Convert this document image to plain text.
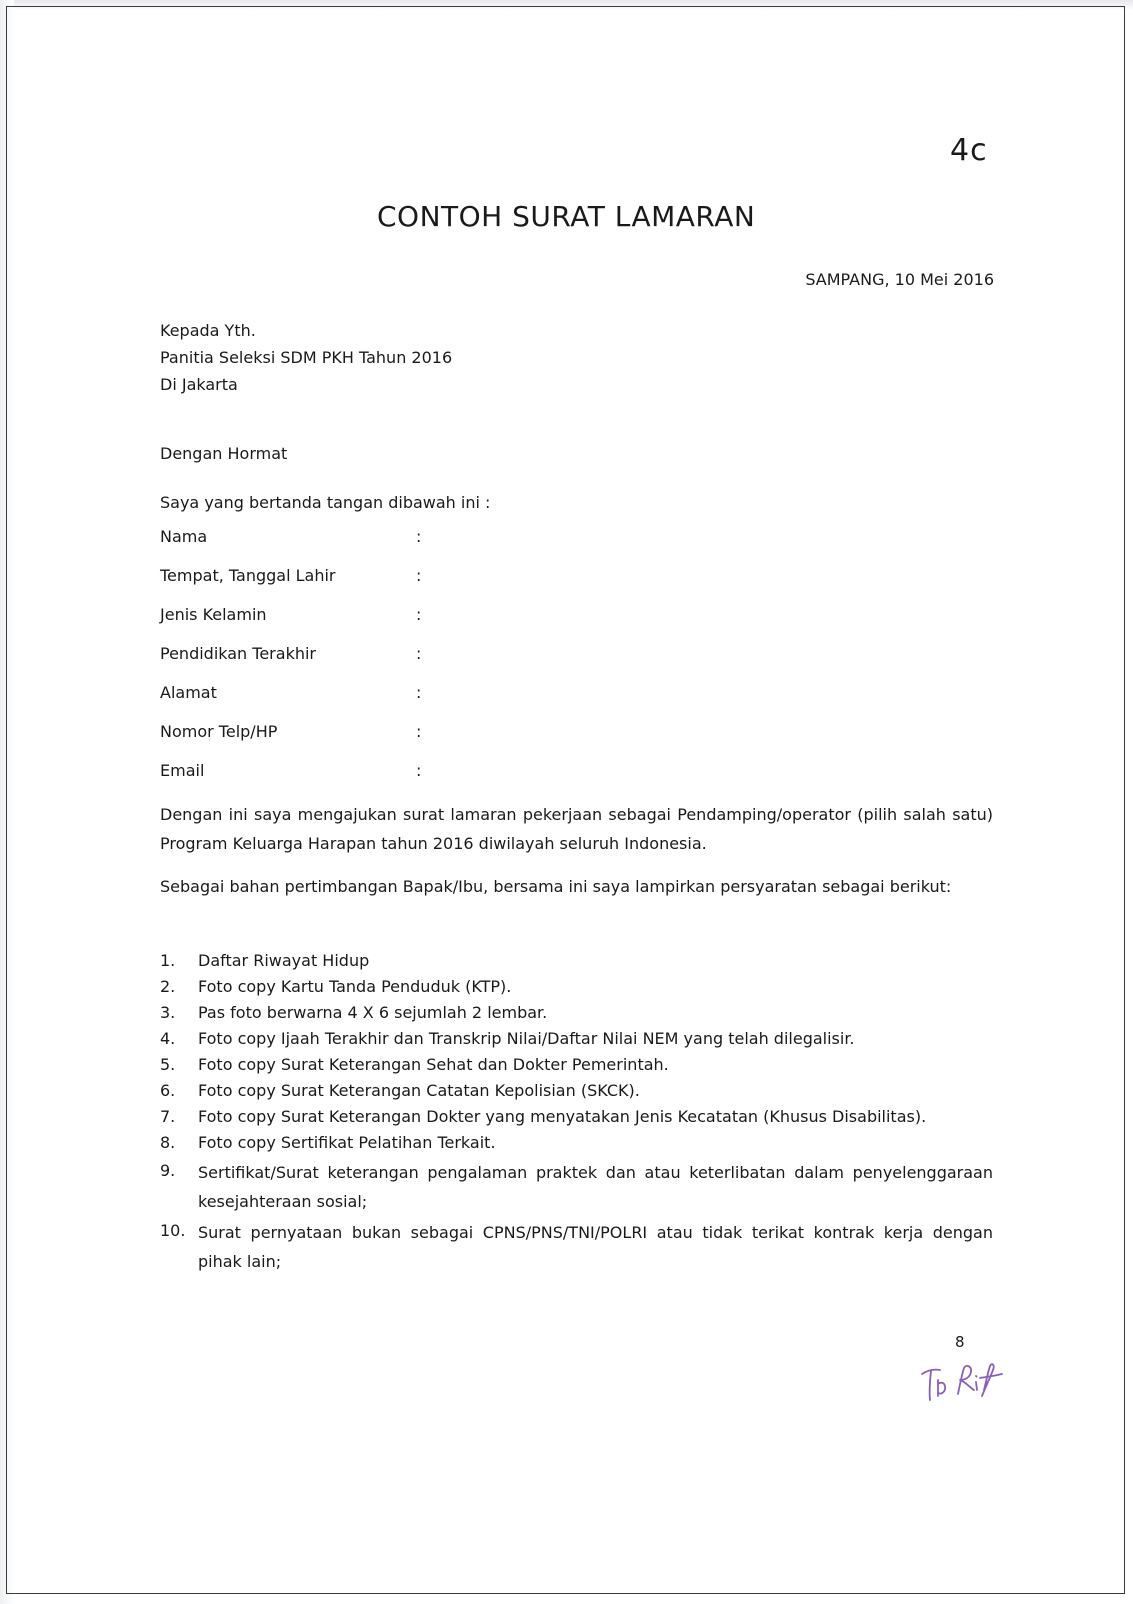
4c
CONTOH SURAT LAMARAN
SAMPANG, 10 Mei 2016
Kepada Yth.
Panitia Seleksi SDM PKH Tahun 2016
Di Jakarta
Dengan Hormat
Saya yang bertanda tangan dibawah ini :
Nama	:
Tempat, Tanggal Lahir	:
Jenis Kelamin	:
Pendidikan Terakhir	:
Alamat	:
Nomor Telp/HP	:
Email	:
Dengan ini saya mengajukan surat lamaran pekerjaan sebagai Pendamping/operator (pilih salah satu) Program Keluarga Harapan tahun 2016 diwilayah seluruh Indonesia.
Sebagai bahan pertimbangan Bapak/Ibu, bersama ini saya lampirkan persyaratan sebagai berikut:
1.	Daftar Riwayat Hidup
2.	Foto copy Kartu Tanda Penduduk (KTP).
3.	Pas foto berwarna 4 X 6 sejumlah 2 lembar.
4.	Foto copy Ijaah Terakhir dan Transkrip Nilai/Daftar Nilai NEM yang telah dilegalisir.
5.	Foto copy Surat Keterangan Sehat dan Dokter Pemerintah.
6.	Foto copy Surat Keterangan Catatan Kepolisian (SKCK).
7.	Foto copy Surat Keterangan Dokter yang menyatakan Jenis Kecatatan (Khusus Disabilitas).
8.	Foto copy Sertifikat Pelatihan Terkait.
9.	Sertifikat/Surat keterangan pengalaman praktek dan atau keterlibatan dalam penyelenggaraan kesejahteraan sosial;
10. Surat pernyataan bukan sebagai CPNS/PNS/TNI/POLRI atau tidak terikat kontrak kerja dengan pihak lain;
8
